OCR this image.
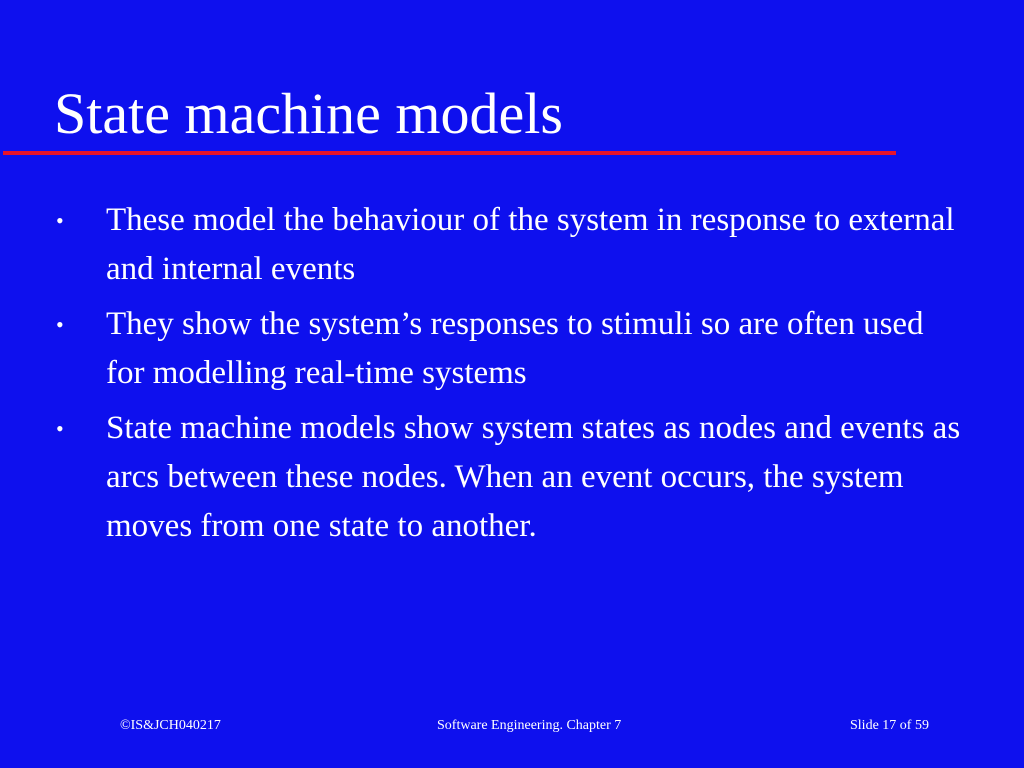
State machine models
• These model the behaviour of the system in response to external and internal events
• They show the system’s responses to stimuli so are often used for modelling real-time systems
• State machine models show system states as nodes and events as arcs between these nodes. When an event occurs, the system moves from one state to another.
©IS&JCH040217	Software Engineering. Chapter 7	Slide 17 of 59
